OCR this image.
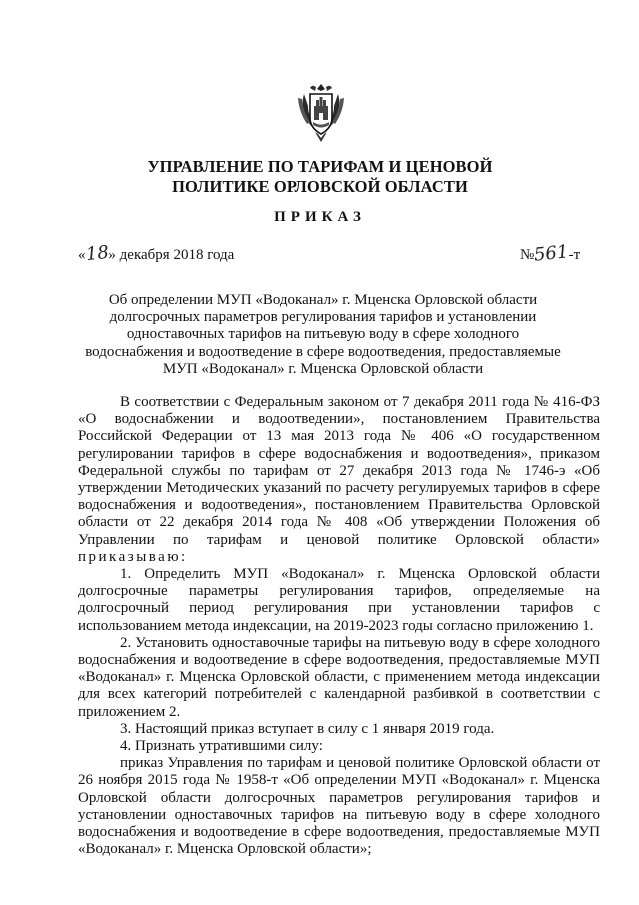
УПРАВЛЕНИЕ ПО ТАРИФАМ И ЦЕНОВОЙ ПОЛИТИКЕ ОРЛОВСКОЙ ОБЛАСТИ
ПРИКАЗ
«
18
» декабря 2018 года	№
561
-т
Об определении МУП «Водоканал» г. Мценска Орловской области долгосрочных параметров регулирования тарифов и установлении одноставочных тарифов на питьевую воду в сфере холодного водоснабжения и водоотведение в сфере водоотведения, предоставляемые МУП «Водоканал» г. Мценска Орловской области

В соответствии с Федеральным законом от 7 декабря 2011 года № 416-ФЗ «О водоснабжении и водоотведении», постановлением Правительства Российской Федерации от 13 мая 2013 года № 406 «О государственном регулировании тарифов в сфере водоснабжения и водоотведения», приказом Федеральной службы по тарифам от 27 декабря 2013 года № 1746-э «Об утверждении Методических указаний по расчету регулируемых тарифов в сфере водоснабжения и водоотведения», постановлением Правительства Орловской области от 22 декабря 2014 года № 408 «Об утверждении Положения об Управлении по тарифам и ценовой политике Орловской области» приказываю:

1. Определить МУП «Водоканал» г. Мценска Орловской области долгосрочные параметры регулирования тарифов, определяемые на долгосрочный период регулирования при установлении тарифов с использованием метода индексации, на 2019-2023 годы согласно приложению 1.

2. Установить одноставочные тарифы на питьевую воду в сфере холодного водоснабжения и водоотведение в сфере водоотведения, предоставляемые МУП «Водоканал» г. Мценска Орловской области, с применением метода индексации для всех категорий потребителей с календарной разбивкой в соответствии с приложением 2.

3. Настоящий приказ вступает в силу с 1 января 2019 года.

4. Признать утратившими силу:

приказ Управления по тарифам и ценовой политике Орловской области от 26 ноября 2015 года № 1958-т «Об определении МУП «Водоканал» г. Мценска Орловской области долгосрочных параметров регулирования тарифов и установлении одноставочных тарифов на питьевую воду в сфере холодного водоснабжения и водоотведение в сфере водоотведения, предоставляемые МУП «Водоканал» г. Мценска Орловской области»;
